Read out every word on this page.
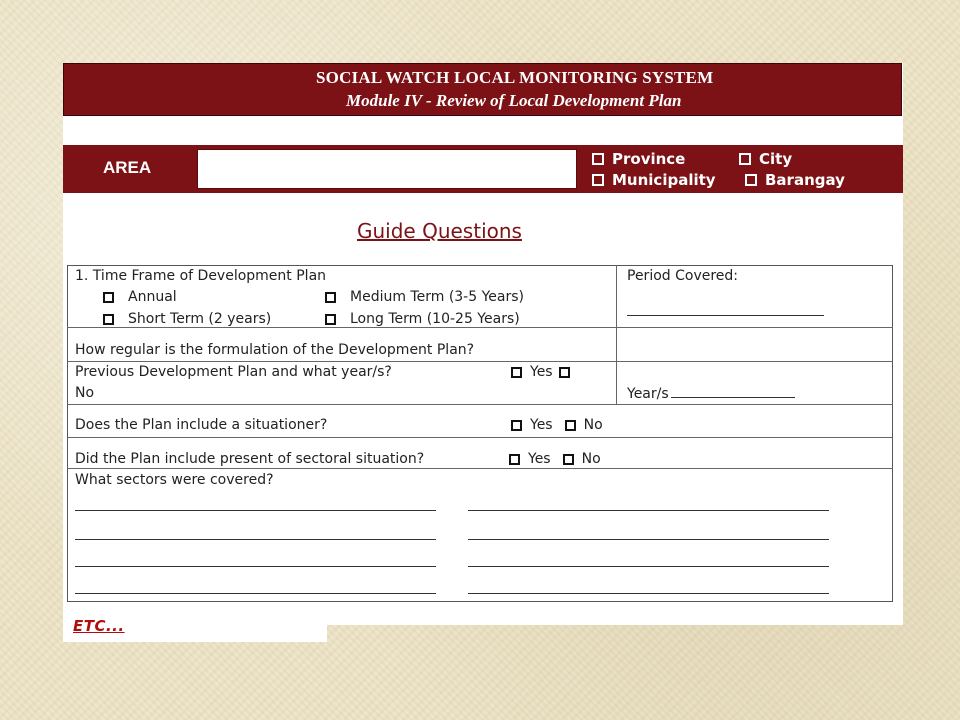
SOCIAL WATCH LOCAL MONITORING SYSTEM
Module IV - Review of Local Development Plan
AREA	Province	City
Municipality	Barangay
Guide Questions
1. Time Frame of Development Plan
Annual	Medium Term (3-5 Years)
Short Term (2 years)	Long Term (10-25 Years)
Period Covered:
How regular is the formulation of the Development Plan?
Previous Development Plan and what year/s?	Yes
No	Year/s
Does the Plan include a situationer?	Yes No
Did the Plan include present of sectoral situation?	Yes No
What sectors were covered?
ETC...
